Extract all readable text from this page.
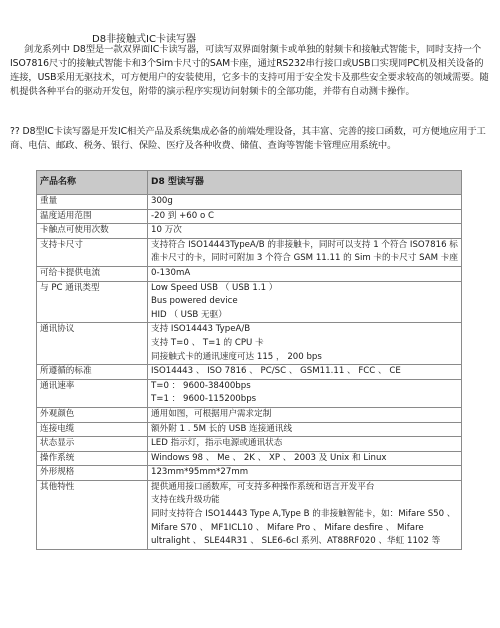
D8非接触式IC卡读写器
剑龙系列中 D8型是一款双界面IC卡读写器，可读写双界面射频卡或单独的射频卡和接触式智能卡，同时支持一个ISO7816尺寸的接触式智能卡和3个Sim卡尺寸的SAM卡座，通过RS232串行接口或USB口实现同PC机及相关设备的连接，USB采用无驱技术，可方便用户的安装使用，它多卡的支持可用于安全发卡及那些安全要求较高的领域需要。随机提供各种平台的驱动开发包，附带的演示程序实现访问射频卡的全部功能，并带有自动测卡操作。
?? D8型IC卡读写器是开发IC相关产品及系统集成必备的前端处理设备，其丰富、完善的接口函数，可方便地应用于工商、电信、邮政、税务、银行、保险、医疗及各种收费、储值、查询等智能卡管理应用系统中。
产品名称	D8 型读写器
重量	300g

温度适用范围	-20 到 +60 o C

卡触点可使用次数	10 万次

支持卡尺寸	支持符合 ISO14443TypeA/B 的非接触卡，同时可以支持 1 个符合 ISO7816 标准卡尺寸的卡，同时可附加 3 个符合 GSM 11.11 的 Sim 卡的卡尺寸 SAM 卡座

可给卡提供电流	0-130mA

与 PC 通讯类型	Low Speed USB （ USB 1.1 ）
Bus powered device
HID （ USB 无驱）

通讯协议	支持 ISO14443 TypeA/B
支持 T=0 、 T=1 的 CPU 卡
同接触式卡的通讯速度可达 115 ， 200 bps

所遵循的标准	ISO14443 、 ISO 7816 、 PC/SC 、 GSM11.11 、 FCC 、 CE

通讯速率	T=0 ： 9600-38400bps
T=1 ： 9600-115200bps

外观颜色	通用如图，可根据用户需求定制

连接电缆	额外附 1 . 5M 长的 USB 连接通讯线

状态显示	LED 指示灯，指示电源或通讯状态

操作系统	Windows 98 、 Me 、 2K 、 XP 、 2003 及 Unix 和 Linux

外形规格	123mm*95mm*27mm

其他特性	提供通用接口函数库，可支持多种操作系统和语言开发平台
支持在线升级功能
同时支持符合 ISO14443 Type A,Type B 的非接触智能卡，如：Mifare S50 、 Mifare S70 、 MF1ICL10 、 Mifare Pro 、 Mifare desfire 、 Mifare ultralight 、 SLE44R31 、 SLE6-6cl 系列、AT88RF020 、华虹 1102 等
